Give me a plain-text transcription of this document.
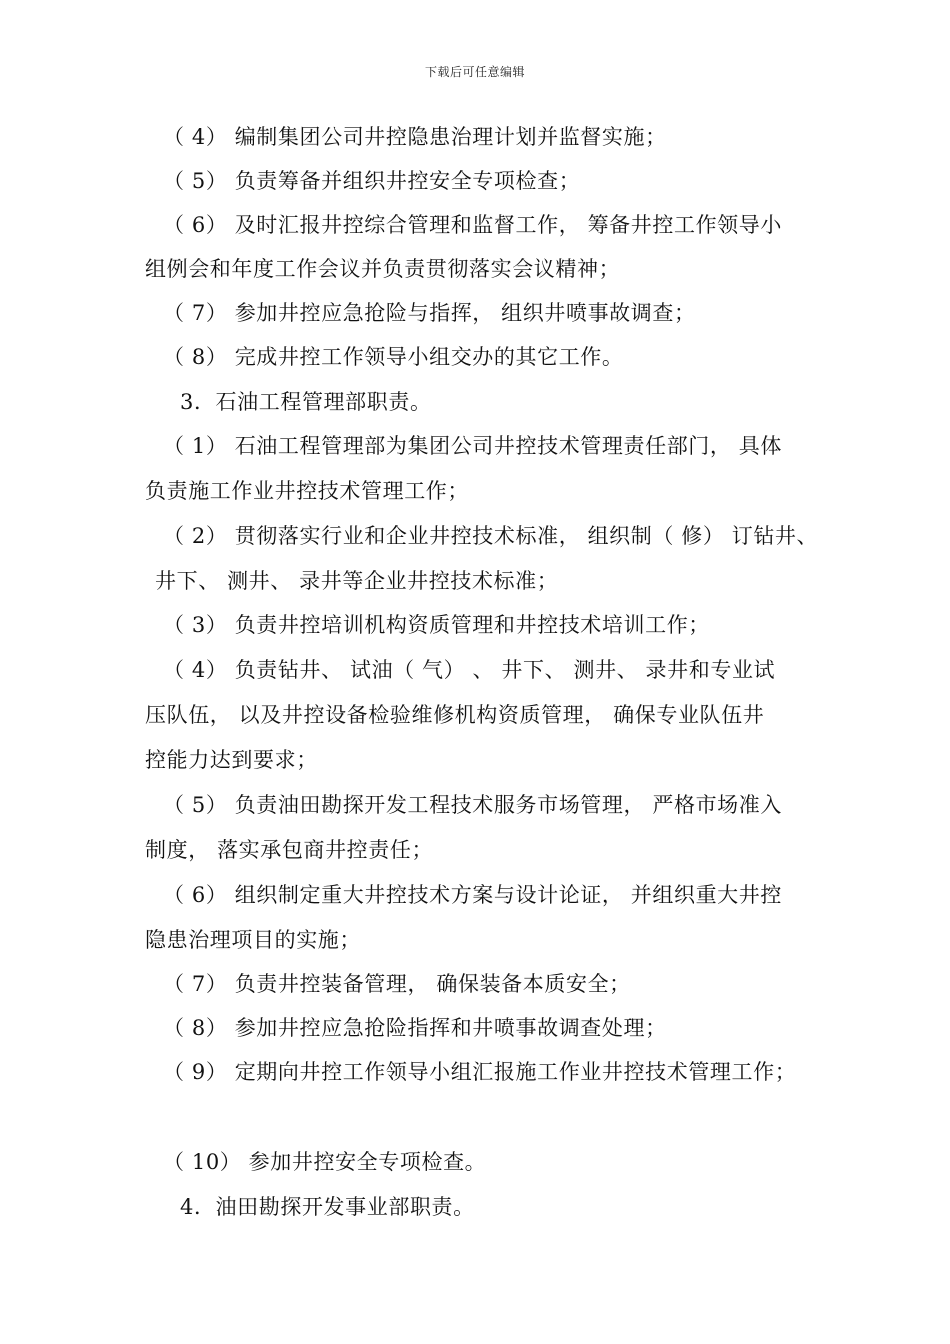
下载后可任意编辑
（ 4） 编制集团公司井控隐患治理计划并监督实施；
（ 5） 负责筹备并组织井控安全专项检查；
（ 6） 及时汇报井控综合管理和监督工作， 筹备井控工作领导小
组例会和年度工作会议并负责贯彻落实会议精神；
（ 7） 参加井控应急抢险与指挥， 组织井喷事故调查；
（ 8） 完成井控工作领导小组交办的其它工作。
3．石油工程管理部职责。
（ 1） 石油工程管理部为集团公司井控技术管理责任部门， 具体
负责施工作业井控技术管理工作；
（ 2） 贯彻落实行业和企业井控技术标准， 组织制（ 修） 订钻井、
井下、 测井、 录井等企业井控技术标准；
（ 3） 负责井控培训机构资质管理和井控技术培训工作；
（ 4） 负责钻井、 试油（ 气） 、 井下、 测井、 录井和专业试
压队伍， 以及井控设备检验维修机构资质管理， 确保专业队伍井
控能力达到要求；
（ 5） 负责油田勘探开发工程技术服务市场管理， 严格市场准入
制度， 落实承包商井控责任；
（ 6） 组织制定重大井控技术方案与设计论证， 并组织重大井控
隐患治理项目的实施；
（ 7） 负责井控装备管理， 确保装备本质安全；
（ 8） 参加井控应急抢险指挥和井喷事故调查处理；
（ 9） 定期向井控工作领导小组汇报施工作业井控技术管理工作；
（ 10） 参加井控安全专项检查。
4．油田勘探开发事业部职责。
